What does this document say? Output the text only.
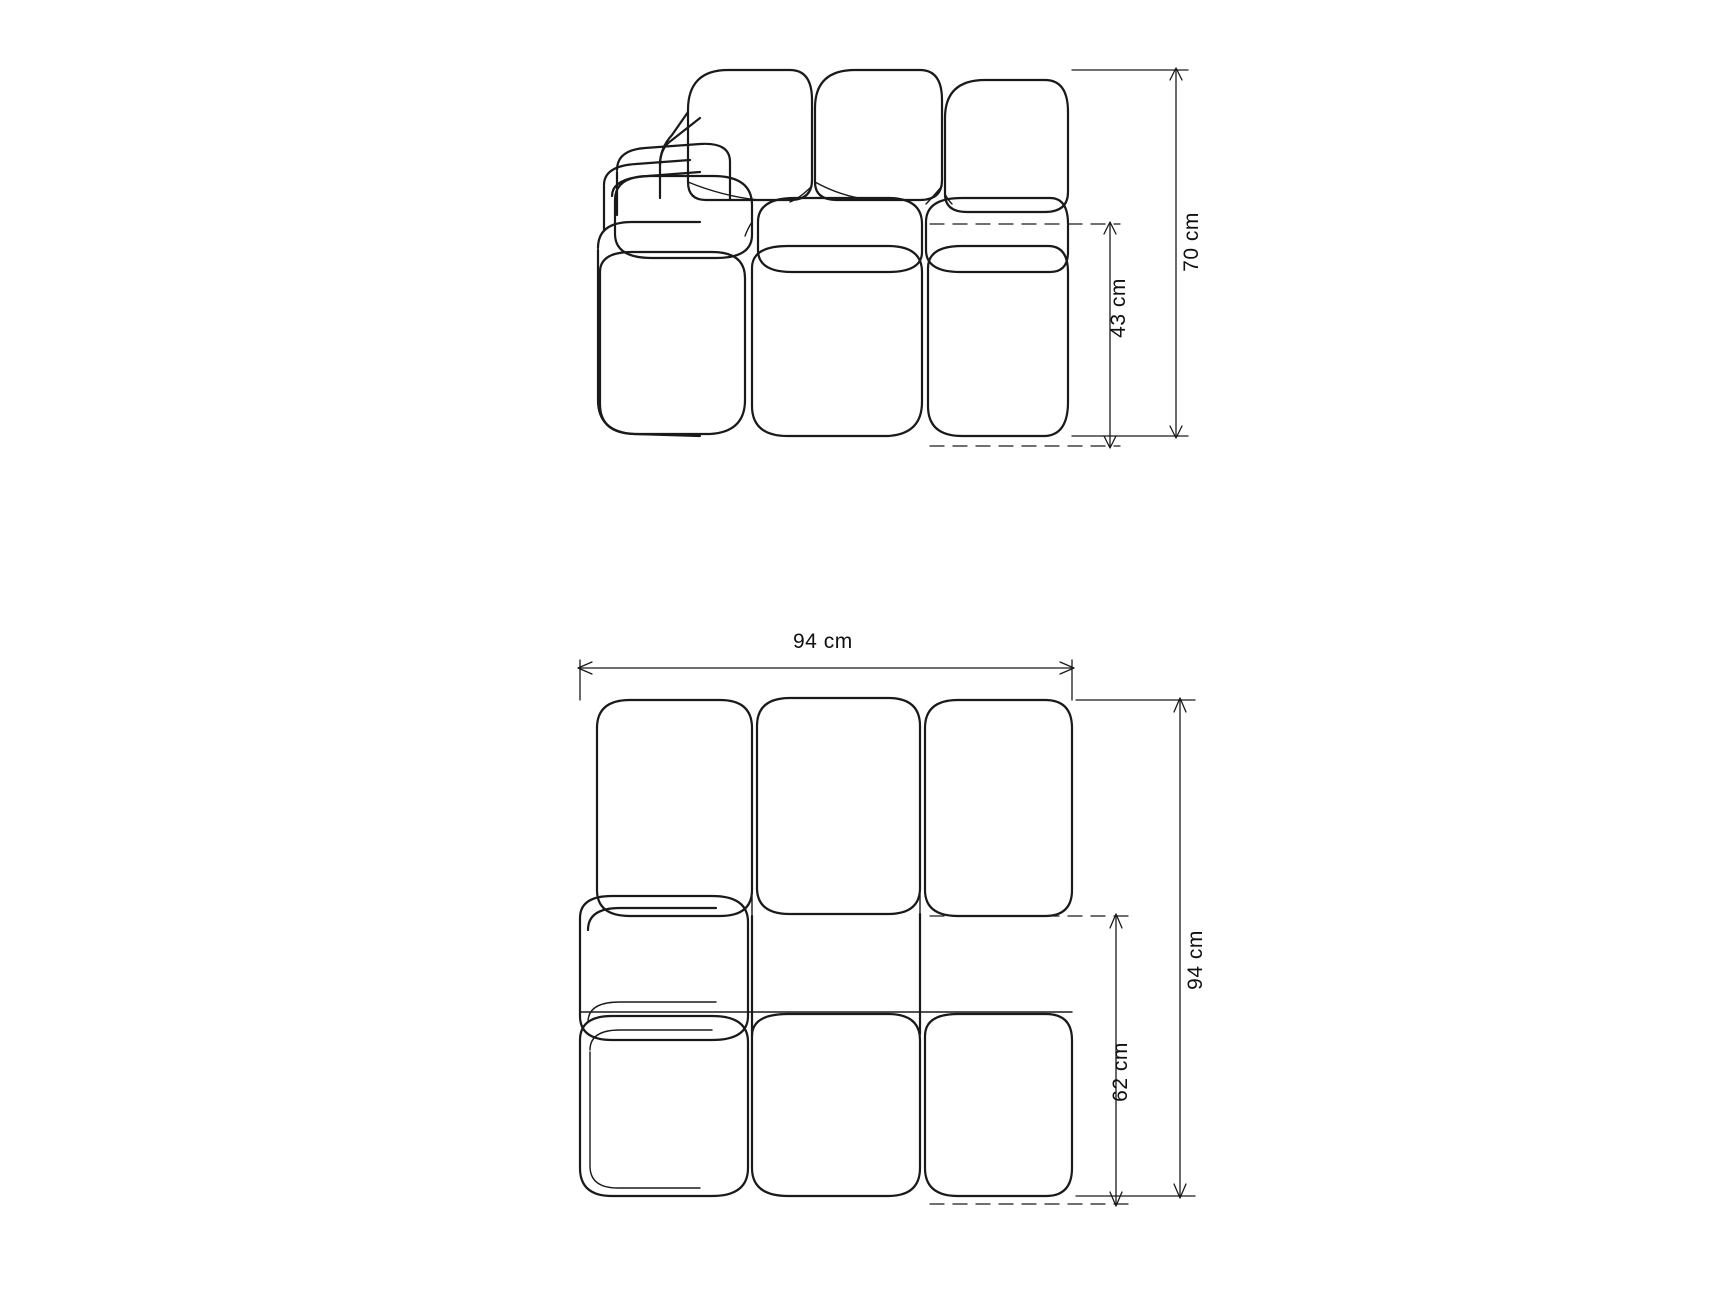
70 cm
43 cm
94 cm
94 cm
62 cm
